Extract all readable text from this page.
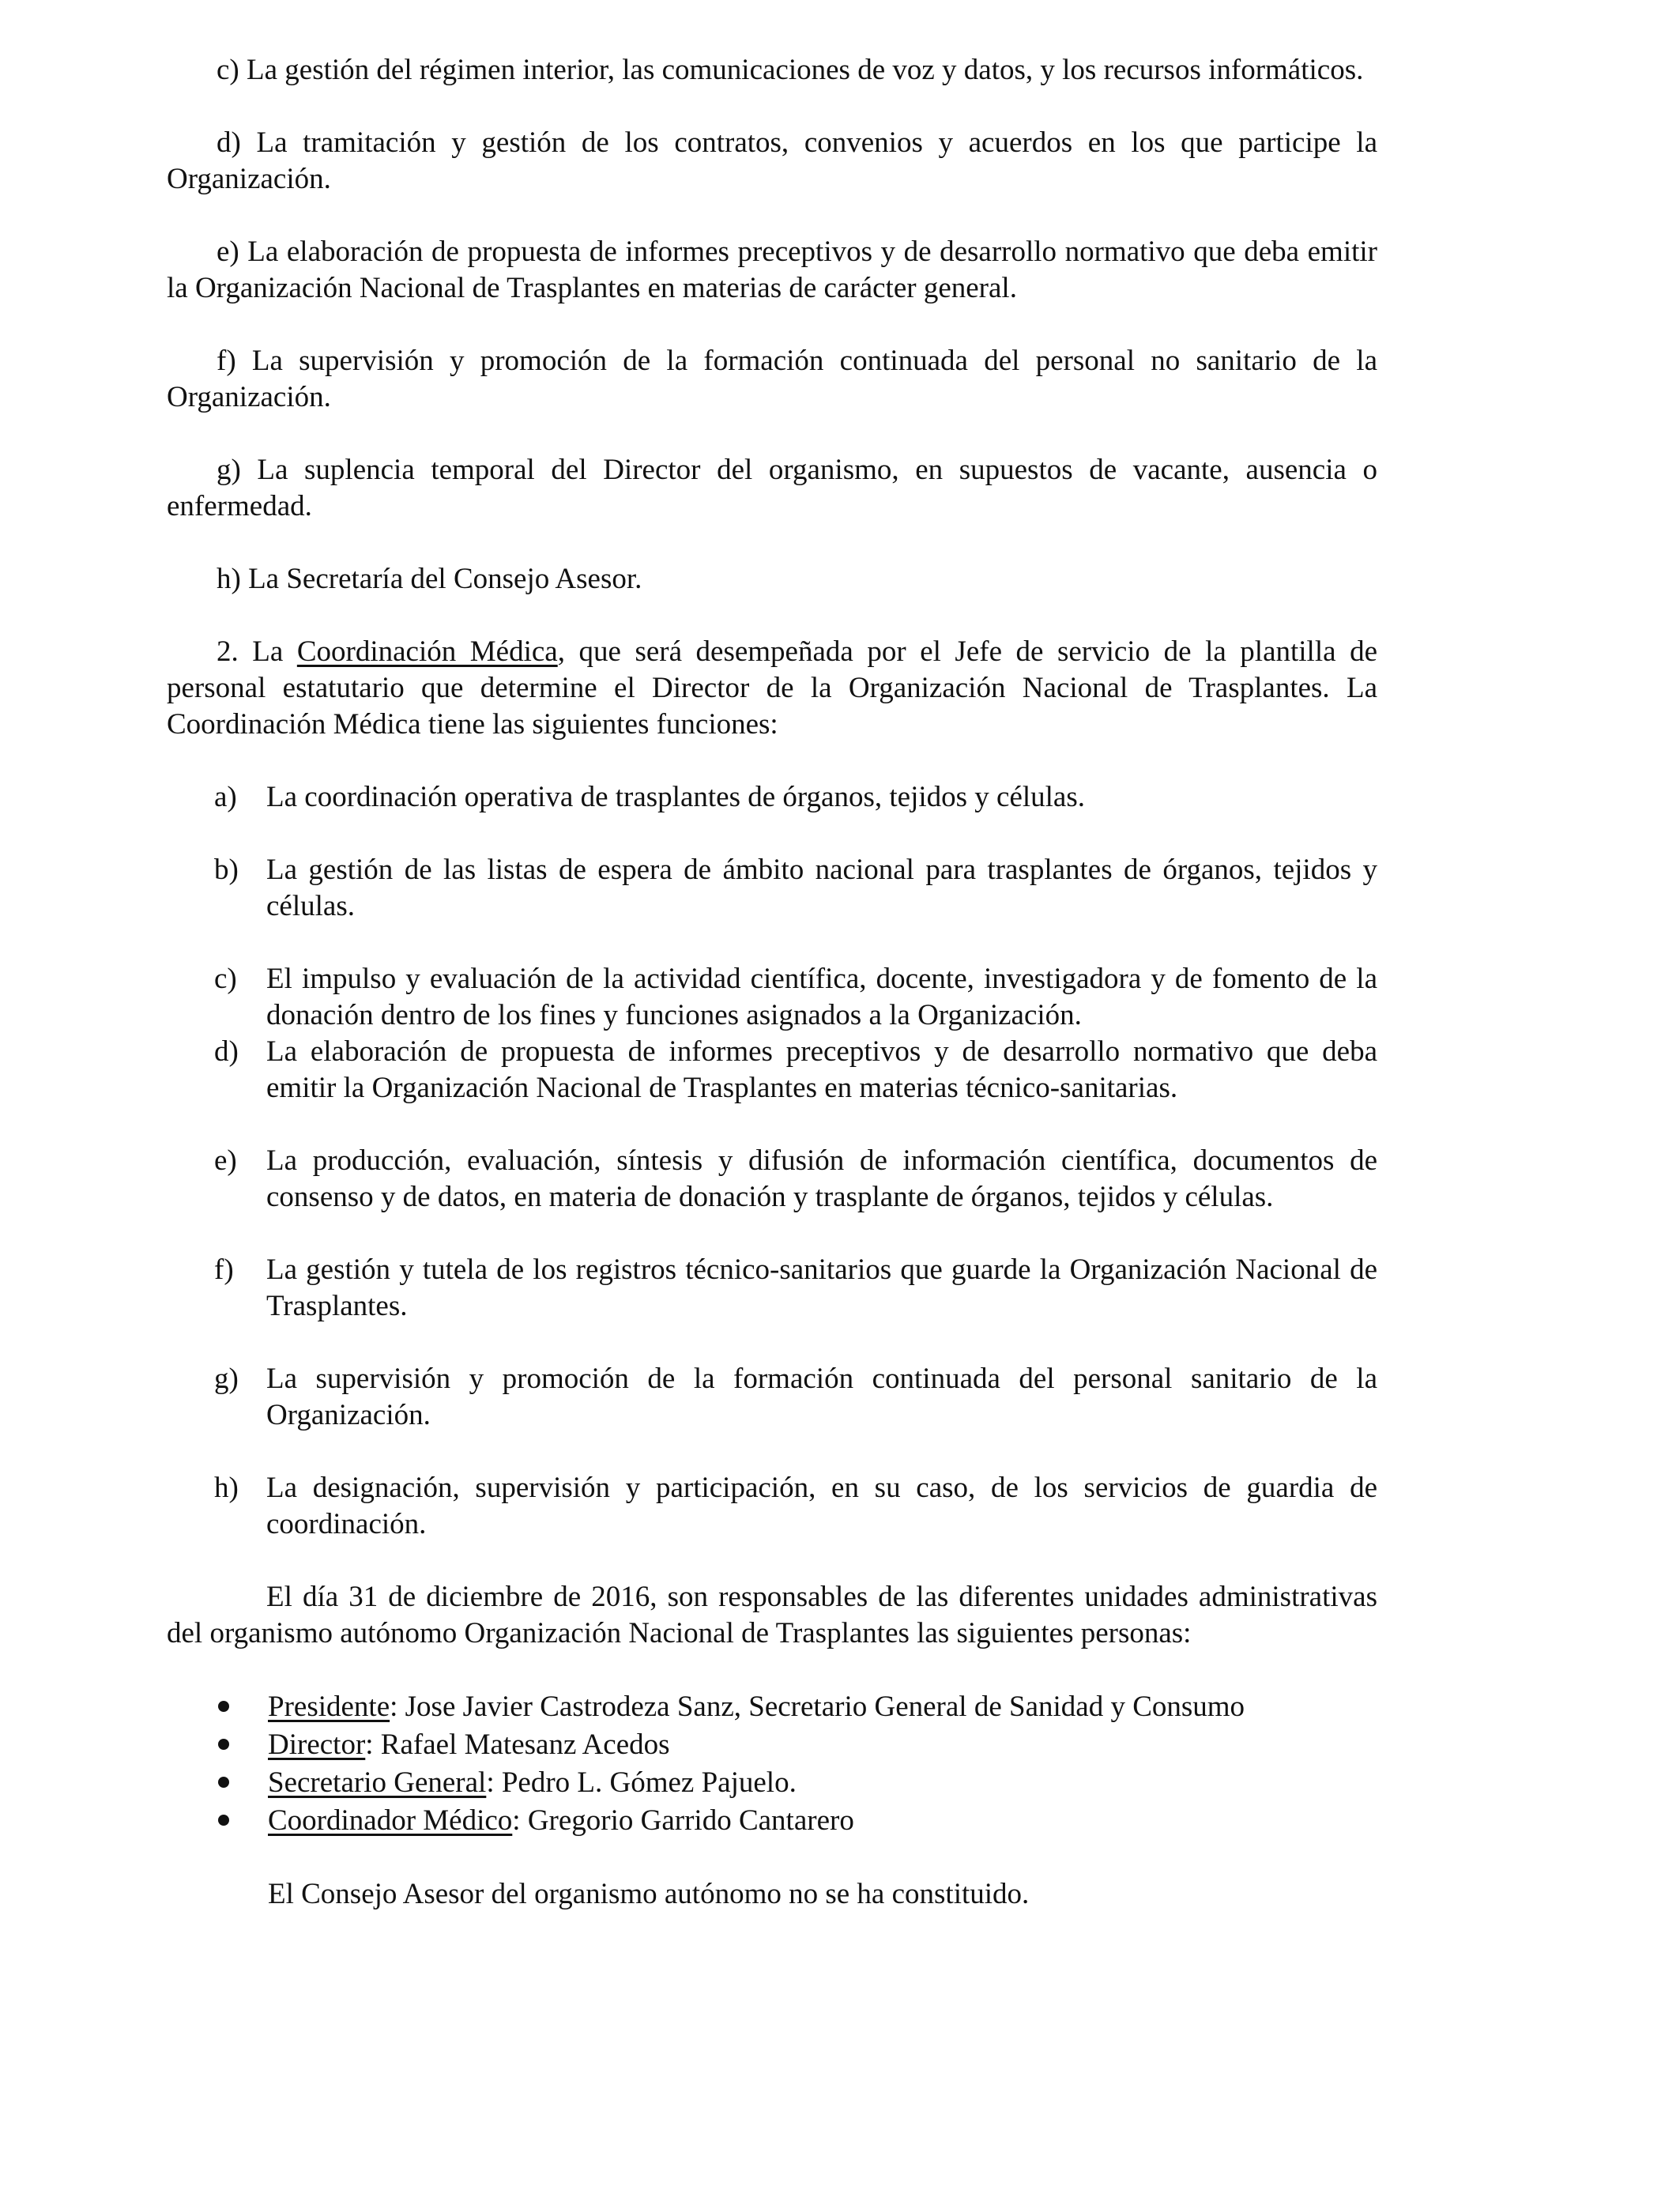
c) La gestión del régimen interior, las comunicaciones de voz y datos, y los recursos informáticos.

d) La tramitación y gestión de los contratos, convenios y acuerdos en los que participe la Organización.

e) La elaboración de propuesta de informes preceptivos y de desarrollo normativo que deba emitir la Organización Nacional de Trasplantes en materias de carácter general.

f) La supervisión y promoción de la formación continuada del personal no sanitario de la Organización.

g) La suplencia temporal del Director del organismo, en supuestos de vacante, ausencia o enfermedad.

h) La Secretaría del Consejo Asesor.

2. La Coordinación Médica, que será desempeñada por el Jefe de servicio de la plantilla de personal estatutario que determine el Director de la Organización Nacional de Trasplantes. La Coordinación Médica tiene las siguientes funciones:

a) La coordinación operativa de trasplantes de órganos, tejidos y células.

b) La gestión de las listas de espera de ámbito nacional para trasplantes de órganos, tejidos y células.

c) El impulso y evaluación de la actividad científica, docente, investigadora y de fomento de la donación dentro de los fines y funciones asignados a la Organización.

d) La elaboración de propuesta de informes preceptivos y de desarrollo normativo que deba emitir la Organización Nacional de Trasplantes en materias técnico-sanitarias.

e) La producción, evaluación, síntesis y difusión de información científica, documentos de consenso y de datos, en materia de donación y trasplante de órganos, tejidos y células.

f) La gestión y tutela de los registros técnico-sanitarios que guarde la Organización Nacional de Trasplantes.

g) La supervisión y promoción de la formación continuada del personal sanitario de la Organización.

h) La designación, supervisión y participación, en su caso, de los servicios de guardia de coordinación.

El día 31 de diciembre de 2016, son responsables de las diferentes unidades administrativas del organismo autónomo Organización Nacional de Trasplantes las siguientes personas:

Presidente: Jose Javier Castrodeza Sanz, Secretario General de Sanidad y Consumo

Director: Rafael Matesanz Acedos

Secretario General: Pedro L. Gómez Pajuelo.

Coordinador Médico: Gregorio Garrido Cantarero

El Consejo Asesor del organismo autónomo no se ha constituido.
